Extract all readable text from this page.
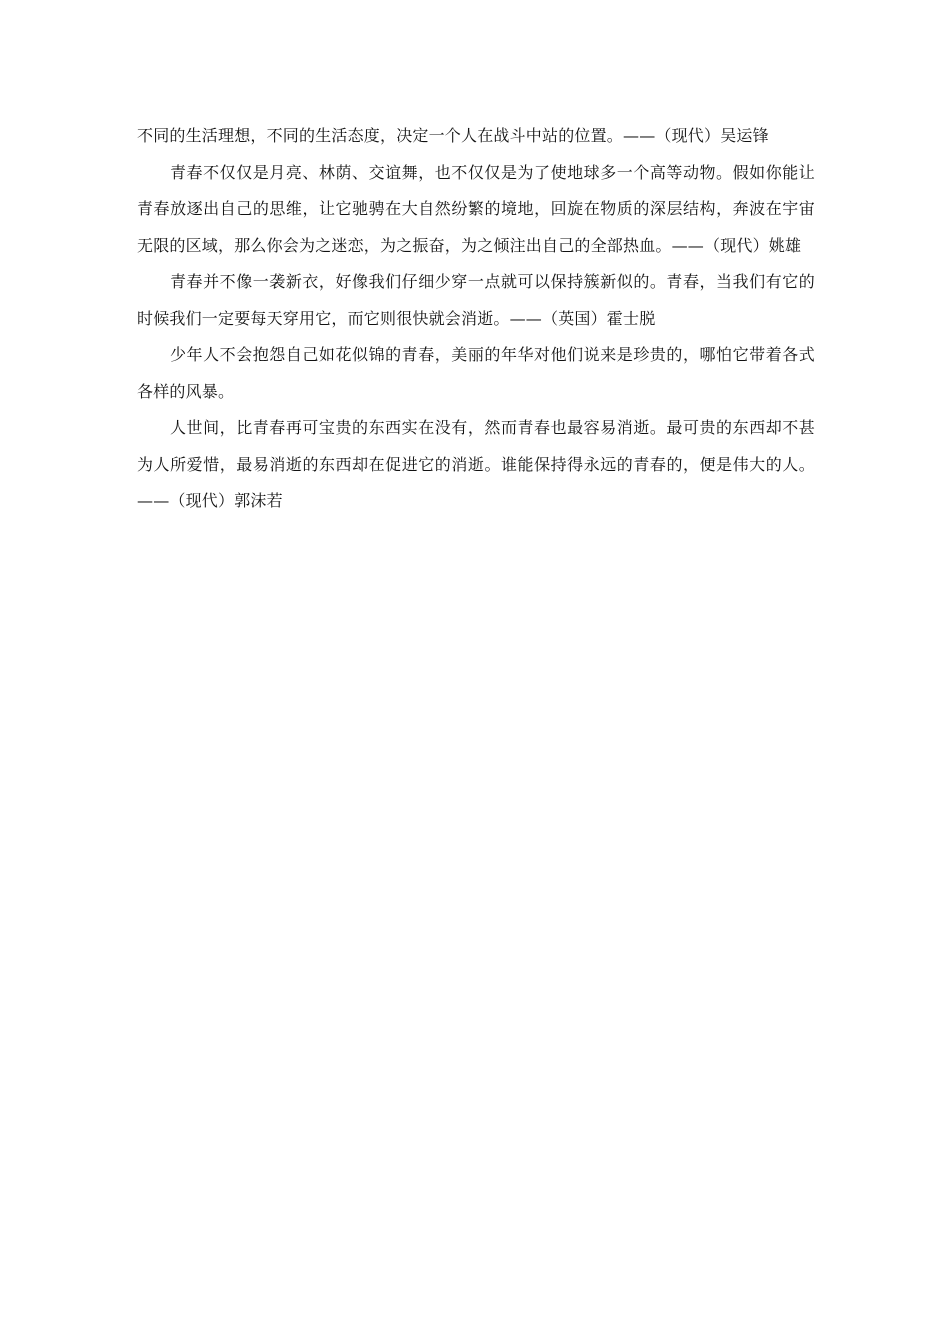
不同的生活理想，不同的生活态度，决定一个人在战斗中站的位置。——（现代）吴运锋

青春不仅仅是月亮、林荫、交谊舞，也不仅仅是为了使地球多一个高等动物。假如你能让青春放逐出自己的思维，让它驰骋在大自然纷繁的境地，回旋在物质的深层结构，奔波在宇宙无限的区域，那么你会为之迷恋，为之振奋，为之倾注出自己的全部热血。——（现代）姚雄

青春并不像一袭新衣，好像我们仔细少穿一点就可以保持簇新似的。青春，当我们有它的时候我们一定要每天穿用它，而它则很快就会消逝。——（英国）霍士脱

少年人不会抱怨自己如花似锦的青春，美丽的年华对他们说来是珍贵的，哪怕它带着各式各样的风暴。

人世间，比青春再可宝贵的东西实在没有，然而青春也最容易消逝。最可贵的东西却不甚为人所爱惜，最易消逝的东西却在促进它的消逝。谁能保持得永远的青春的，便是伟大的人。——（现代）郭沫若
